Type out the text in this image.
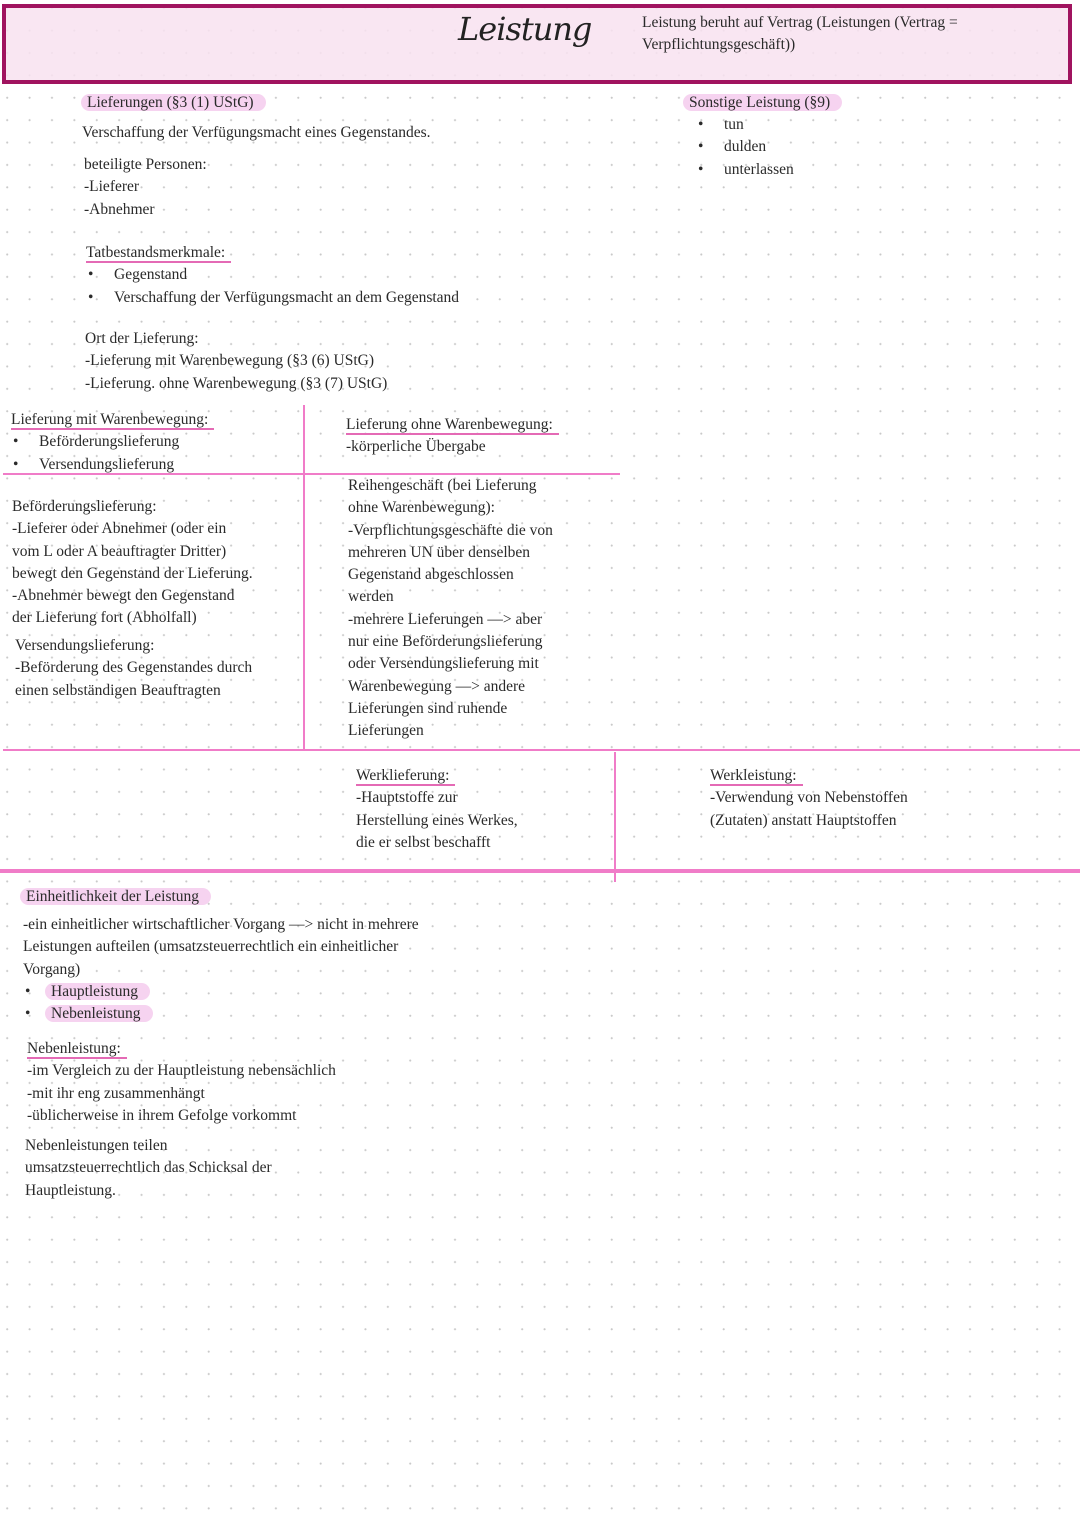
Leistung	Leistung beruht auf Vertrag (Leistungen (Vertrag =
Verpflichtungsgeschäft))
Lieferungen (§3 (1) UStG)
Verschaffung der Verfügungsmacht eines Gegenstandes.
beteiligte Personen:
-Lieferer
-Abnehmer
Tatbestandsmerkmale:
• Gegenstand
• Verschaffung der Verfügungsmacht an dem Gegenstand
Ort der Lieferung:
-Lieferung mit Warenbewegung (§3 (6) UStG)
-Lieferung. ohne Warenbewegung (§3 (7) UStG)
Sonstige Leistung (§9)
• tun
• dulden
• unterlassen
Lieferung mit Warenbewegung:
• Beförderungslieferung
• Versendungslieferung
Lieferung ohne Warenbewegung:
-körperliche Übergabe
Beförderungslieferung:
-Lieferer oder Abnehmer (oder ein
vom L oder A beauftragter Dritter)
bewegt den Gegenstand der Lieferung.
-Abnehmer bewegt den Gegenstand
der Lieferung fort (Abholfall)
Versendungslieferung:
-Beförderung des Gegenstandes durch
einen selbständigen Beauftragten
Reihengeschäft (bei Lieferung
ohne Warenbewegung):
-Verpflichtungsgeschäfte die von
mehreren UN über denselben
Gegenstand abgeschlossen
werden
-mehrere Lieferungen —> aber
nur eine Beförderungslieferung
oder Versendungslieferung mit
Warenbewegung —> andere
Lieferungen sind ruhende
Lieferungen
Werklieferung:
-Hauptstoffe zur
Herstellung eines Werkes,
die er selbst beschafft
Werkleistung:
-Verwendung von Nebenstoffen
(Zutaten) anstatt Hauptstoffen
Einheitlichkeit der Leistung
-ein einheitlicher wirtschaftlicher Vorgang —> nicht in mehrere
Leistungen aufteilen (umsatzsteuerrechtlich ein einheitlicher
Vorgang)
• Hauptleistung
• Nebenleistung
Nebenleistung:
-im Vergleich zu der Hauptleistung nebensächlich
-mit ihr eng zusammenhängt
-üblicherweise in ihrem Gefolge vorkommt
Nebenleistungen teilen
umsatzsteuerrechtlich das Schicksal der
Hauptleistung.
